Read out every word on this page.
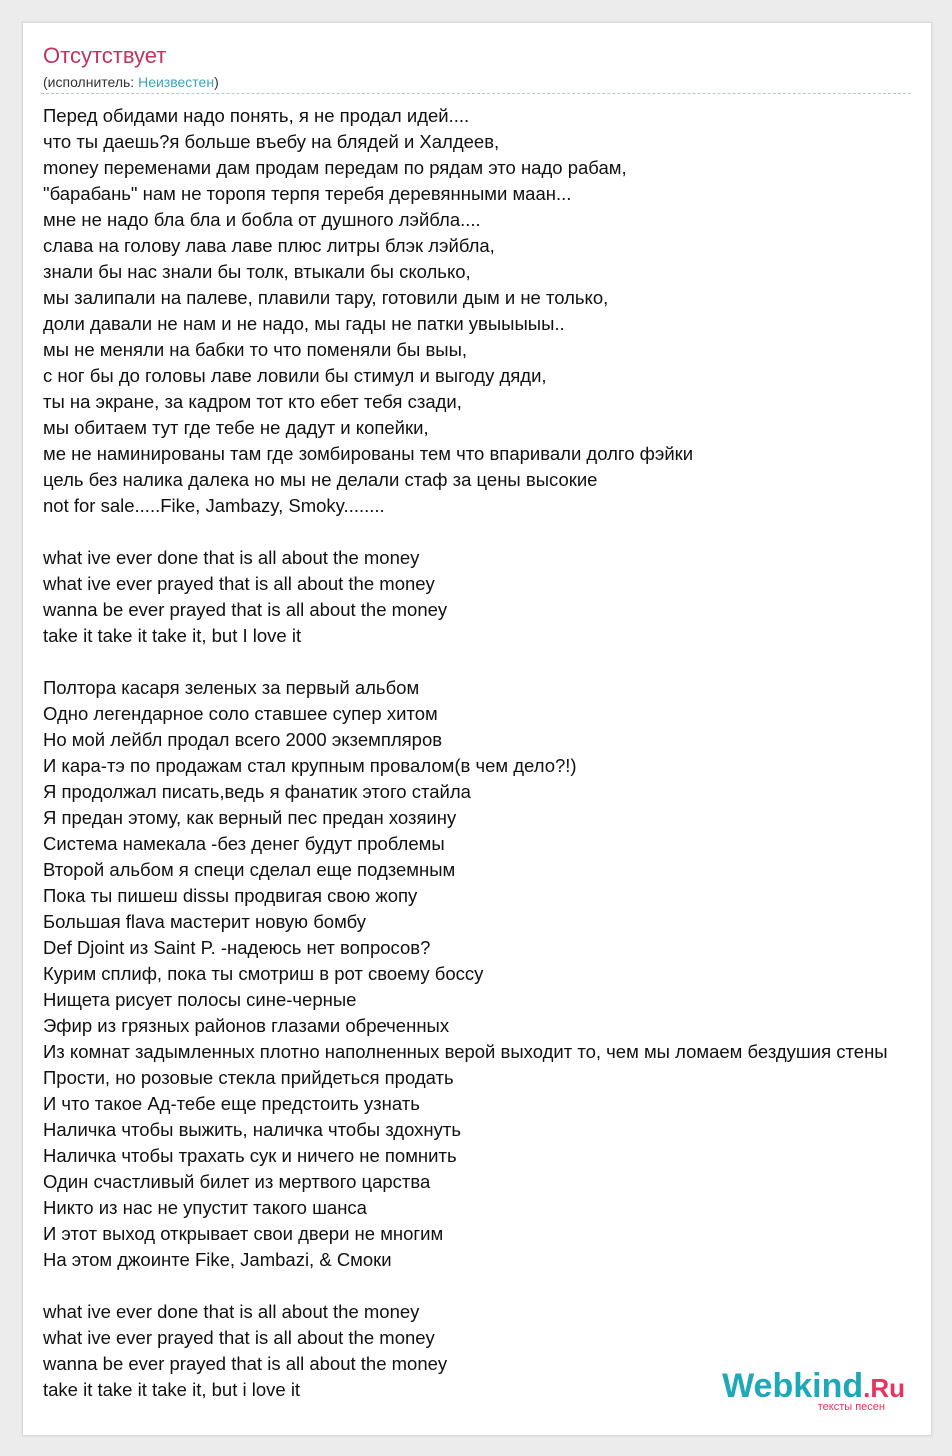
Отсутствует
(исполнитель: Неизвестен)
Перед обидами надо понять, я не продал идей....
что ты даешь?я больше въебу на блядей и Халдеев,
money переменами дам продам передам по рядам это надо рабам,
"барабань" нам не торопя терпя теребя деревянными маан...
мне не надо бла бла и бобла от душного лэйбла....
слава на голову лава лаве плюс литры блэк лэйбла,
знали бы нас знали бы толк, втыкали бы сколько,
мы залипали на палеве, плавили тару, готовили дым и не только,
доли давали не нам и не надо, мы гады не патки увыыыыы..
мы не меняли на бабки то что поменяли бы выы,
с ног бы до головы лаве ловили бы стимул и выгоду дяди,
ты на экране, за кадром тот кто ебет тебя сзади,
мы обитаем тут где тебе не дадут и копейки,
ме не наминированы там где зомбированы тем что впаривали долго фэйки
цель без налика далека но мы не делали стаф за цены высокие
not for sale.....Fike, Jambazy, Smoky........
what ive ever done that is all about the money
what ive ever prayed that is all about the money
wanna be ever prayed that is all about the money
take it take it take it, but I love it
Полтора касаря зеленых за первый альбом
Одно легендарное соло ставшее супер хитом
Но мой лейбл продал всего 2000 экземпляров
И кара-тэ по продажам стал крупным провалом(в чем дело?!)
Я продолжал писать,ведь я фанатик этого стайла
Я предан этому, как верный пес предан хозяину
Система намекала -без денег будут проблемы
Второй альбом я специ сделал еще подземным
Пока ты пишеш dissы продвигая свою жопу
Большая flava мастерит новую бомбу
Def Djoint из Saint P. -надеюсь нет вопросов?
Курим сплиф, пока ты смотриш в рот своему боссу
Нищета рисует полосы сине-черные
Эфир из грязных районов глазами обреченных
Из комнат задымленных плотно наполненных верой выходит то, чем мы ломаем бездушия стены
Прости, но розовые стекла прийдеться продать
И что такое Ад-тебе еще предстоить узнать
Наличка чтобы выжить, наличка чтобы здохнуть
Наличка чтобы трахать сук и ничего не помнить
Один счастливый билет из мертвого царства
Никто из нас не упустит такого шанса
И этот выход открывает свои двери не многим
На этом джоинте Fike, Jambazi, & Смоки
what ive ever done that is all about the money
what ive ever prayed that is all about the money
wanna be ever prayed that is all about the money
take it take it take it, but i love it	Webkind.Ru
тексты песен
